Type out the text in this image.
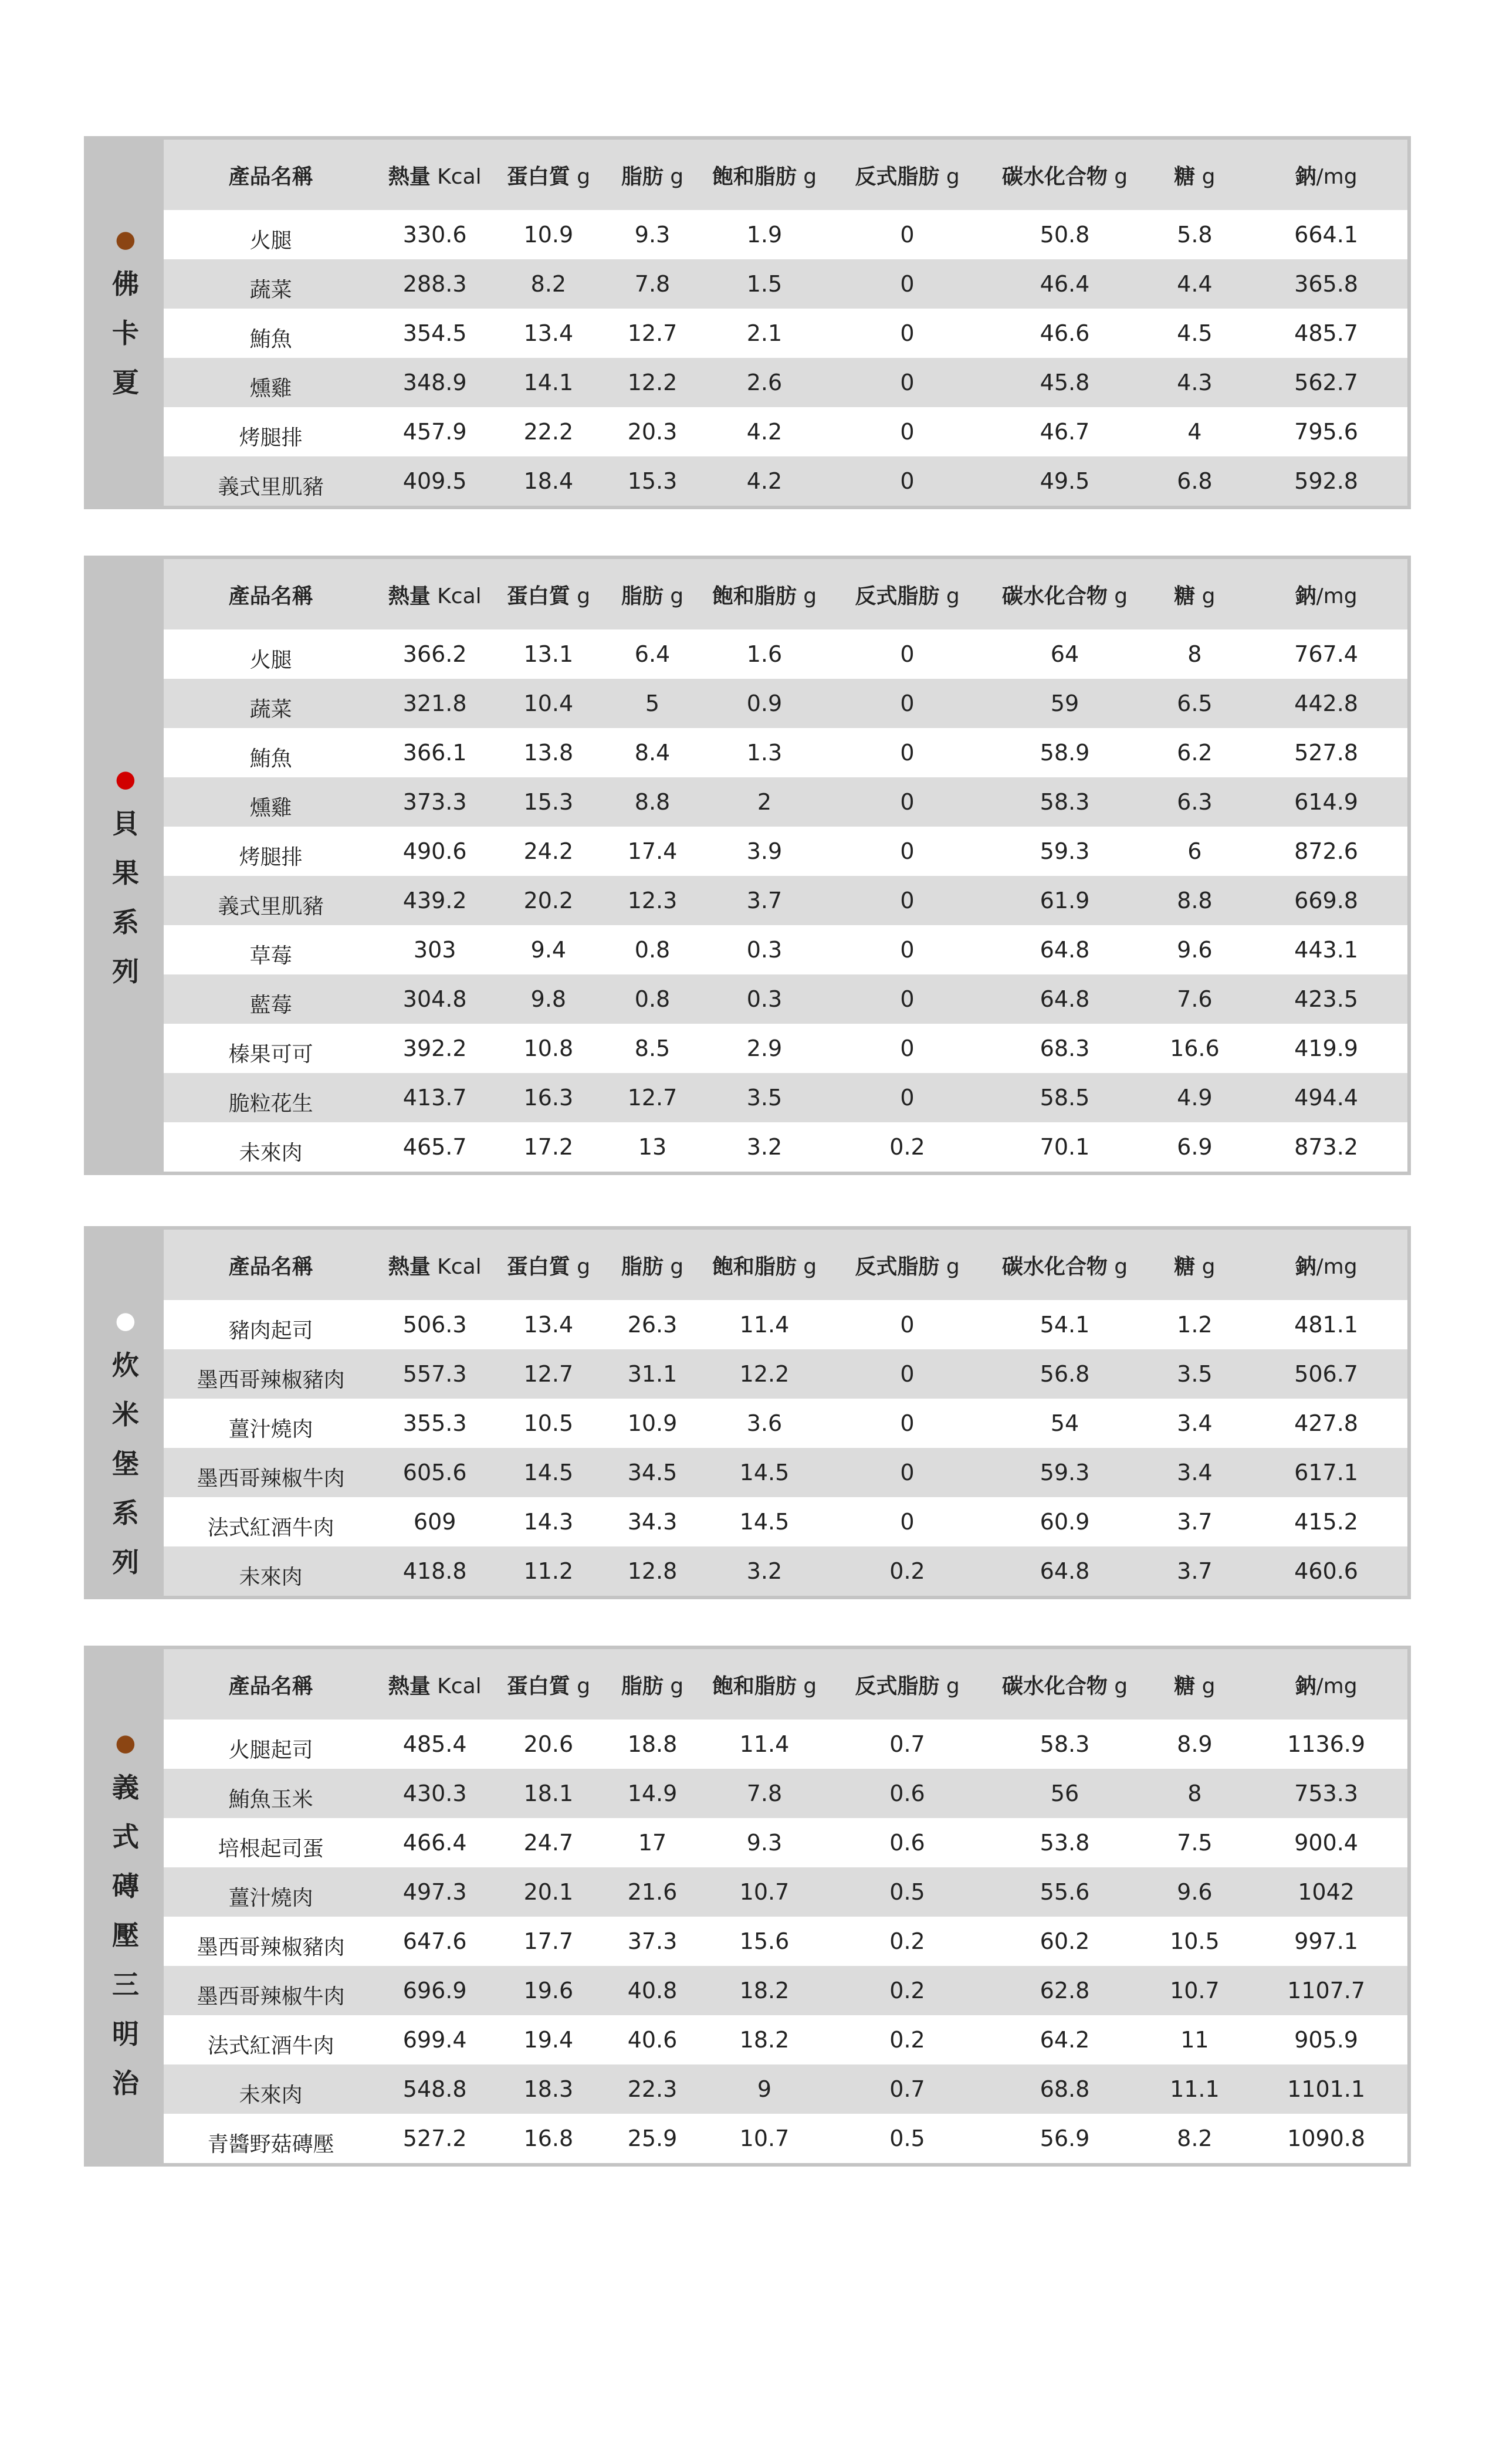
●
佛
卡
夏
產品名稱	熱量 Kcal	蛋白質 g	脂肪 g	飽和脂肪 g	反式脂肪 g	碳水化合物 g	糖 g	鈉/mg
火腿	330.6	10.9	9.3	1.9	0	50.8	5.8	664.1
蔬菜	288.3	8.2	7.8	1.5	0	46.4	4.4	365.8
鮪魚	354.5	13.4	12.7	2.1	0	46.6	4.5	485.7
燻雞	348.9	14.1	12.2	2.6	0	45.8	4.3	562.7
烤腿排	457.9	22.2	20.3	4.2	0	46.7	4	795.6
義式里肌豬	409.5	18.4	15.3	4.2	0	49.5	6.8	592.8
●
貝
果
系
列
產品名稱	熱量 Kcal	蛋白質 g	脂肪 g	飽和脂肪 g	反式脂肪 g	碳水化合物 g	糖 g	鈉/mg
火腿	366.2	13.1	6.4	1.6	0	64	8	767.4
蔬菜	321.8	10.4	5	0.9	0	59	6.5	442.8
鮪魚	366.1	13.8	8.4	1.3	0	58.9	6.2	527.8
燻雞	373.3	15.3	8.8	2	0	58.3	6.3	614.9
烤腿排	490.6	24.2	17.4	3.9	0	59.3	6	872.6
義式里肌豬	439.2	20.2	12.3	3.7	0	61.9	8.8	669.8
草莓	303	9.4	0.8	0.3	0	64.8	9.6	443.1
藍莓	304.8	9.8	0.8	0.3	0	64.8	7.6	423.5
榛果可可	392.2	10.8	8.5	2.9	0	68.3	16.6	419.9
脆粒花生	413.7	16.3	12.7	3.5	0	58.5	4.9	494.4
未來肉	465.7	17.2	13	3.2	0.2	70.1	6.9	873.2
●
炊
米
堡
系
列
產品名稱	熱量 Kcal	蛋白質 g	脂肪 g	飽和脂肪 g	反式脂肪 g	碳水化合物 g	糖 g	鈉/mg
豬肉起司	506.3	13.4	26.3	11.4	0	54.1	1.2	481.1
墨西哥辣椒豬肉	557.3	12.7	31.1	12.2	0	56.8	3.5	506.7
薑汁燒肉	355.3	10.5	10.9	3.6	0	54	3.4	427.8
墨西哥辣椒牛肉	605.6	14.5	34.5	14.5	0	59.3	3.4	617.1
法式紅酒牛肉	609	14.3	34.3	14.5	0	60.9	3.7	415.2
未來肉	418.8	11.2	12.8	3.2	0.2	64.8	3.7	460.6
●
義
式
磚
壓
三
明
治
產品名稱	熱量 Kcal	蛋白質 g	脂肪 g	飽和脂肪 g	反式脂肪 g	碳水化合物 g	糖 g	鈉/mg
火腿起司	485.4	20.6	18.8	11.4	0.7	58.3	8.9	1136.9
鮪魚玉米	430.3	18.1	14.9	7.8	0.6	56	8	753.3
培根起司蛋	466.4	24.7	17	9.3	0.6	53.8	7.5	900.4
薑汁燒肉	497.3	20.1	21.6	10.7	0.5	55.6	9.6	1042
墨西哥辣椒豬肉	647.6	17.7	37.3	15.6	0.2	60.2	10.5	997.1
墨西哥辣椒牛肉	696.9	19.6	40.8	18.2	0.2	62.8	10.7	1107.7
法式紅酒牛肉	699.4	19.4	40.6	18.2	0.2	64.2	11	905.9
未來肉	548.8	18.3	22.3	9	0.7	68.8	11.1	1101.1
青醬野菇磚壓	527.2	16.8	25.9	10.7	0.5	56.9	8.2	1090.8
